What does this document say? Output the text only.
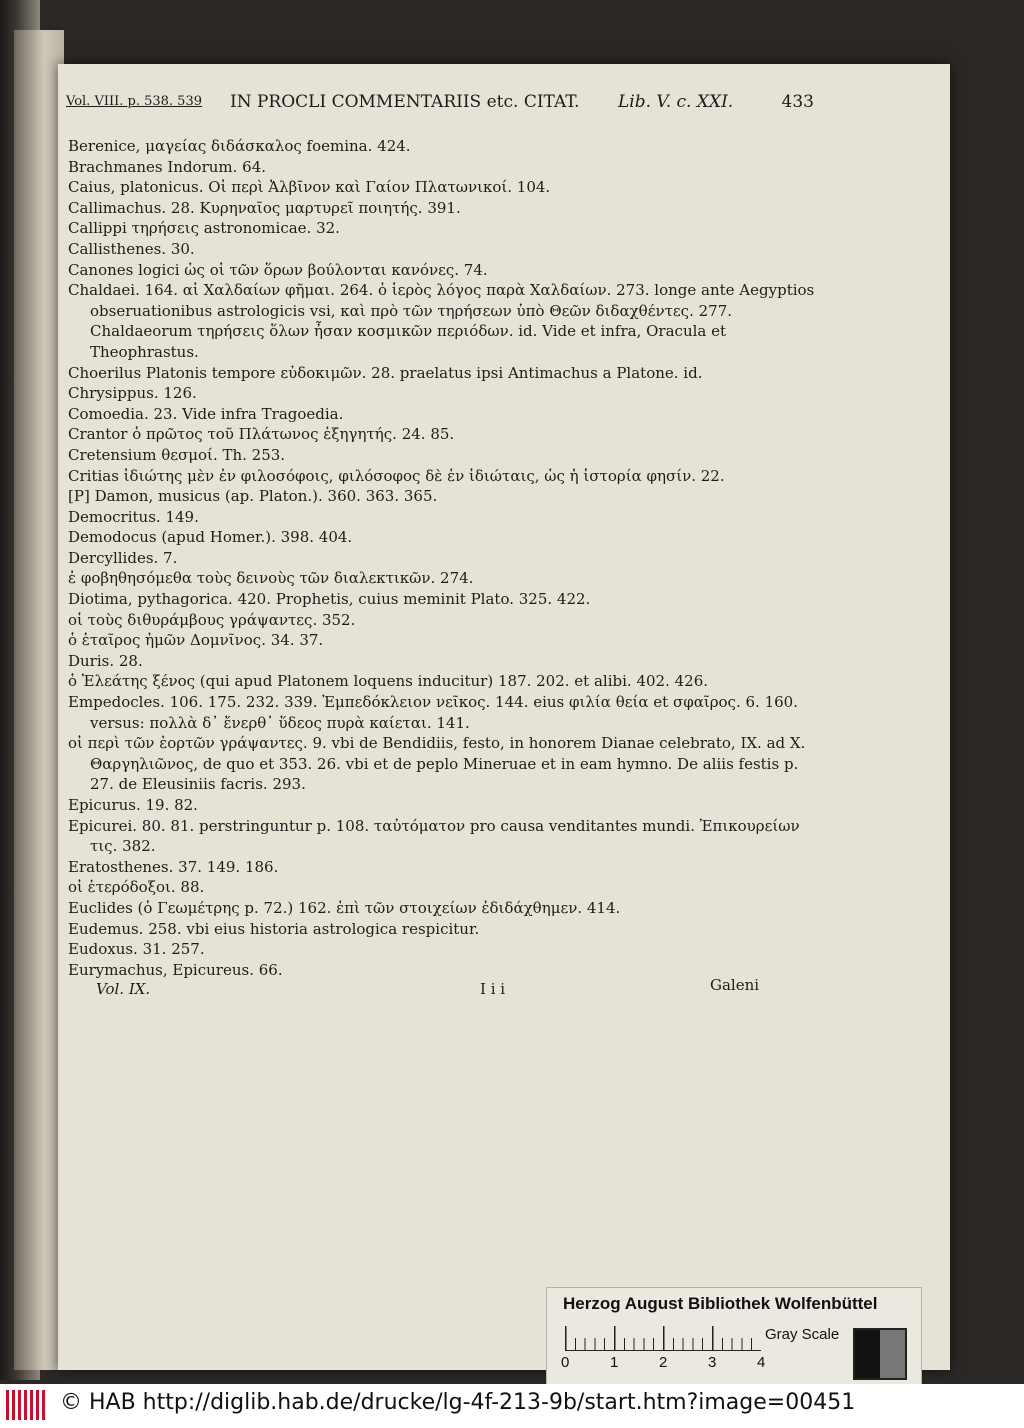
Vol. VIII. p. 538. 539 IN PROCLI COMMENTARIIS etc. CITAT. Lib. V. c. XXI.	433

Berenice, μαγείας διδάσκαλος foemina. 424.

Brachmanes Indorum. 64.

Caius, platonicus. Οἱ περὶ Ἀλβῖνον καὶ Γαίον Πλατωνικοί. 104.

Callimachus. 28. Κυρηναῖος μαρτυρεῖ ποιητής. 391.

Callippi τηρήσεις astronomicae. 32.

Callisthenes. 30.

Canones logici ὡς οἱ τῶν ὅρων βούλονται κανόνες. 74.

Chaldaei. 164. αἱ Χαλδαίων φῆμαι. 264. ὁ ἱερὸς λόγος παρὰ Χαλδαίων. 273. longe ante Aegyptios obseruationibus astrologicis vsi, καὶ πρὸ τῶν τηρήσεων ὑπὸ Θεῶν διδαχθέντες. 277. Chaldaeorum τηρήσεις ὅλων ἦσαν κοσμικῶν περιόδων. id. Vide et infra, Oracula et Theophrastus.

Choerilus Platonis tempore εὐδοκιμῶν. 28. praelatus ipsi Antimachus a Platone. id.

Chrysippus. 126.

Comoedia. 23. Vide infra Tragoedia.

Crantor ὁ πρῶτος τοῦ Πλάτωνος ἐξηγητής. 24. 85.

Cretensium θεσμοί. Th. 253.

Critias ἰδιώτης μὲν ἐν φιλοσόφοις, φιλόσοφος δὲ ἐν ἰδιώταις, ὡς ἡ ἱστορία φησίν. 22.

[P] Damon, musicus (ap. Platon.). 360. 363. 365.

Democritus. 149.

Demodocus (apud Homer.). 398. 404.

Dercyllides. 7.

ἐ φοβηθησόμεθα τοὺς δεινοὺς τῶν διαλεκτικῶν. 274.

Diotima, pythagorica. 420. Prophetis, cuius meminit Plato. 325. 422.

οἱ τοὺς διθυράμβους γράψαντες. 352.

ὁ ἑταῖρος ἡμῶν Δομνῖνος. 34. 37.

Duris. 28.

ὁ Ἐλεάτης ξένος (qui apud Platonem loquens inducitur) 187. 202. et alibi. 402. 426.

Empedocles. 106. 175. 232. 339. Ἐμπεδόκλειον νεῖκος. 144. eius φιλία θεία et σφαῖρος. 6. 160. versus: πολλὰ δ᾽ ἔνερθ᾽ ὕδεος πυρὰ καίεται. 141.

οἱ περὶ τῶν ἑορτῶν γράψαντες. 9. vbi de Bendidiis, festo, in honorem Dianae celebrato, IX. ad X. Θαργηλιῶνος, de quo et 353. 26. vbi et de peplo Mineruae et in eam hymno. De aliis festis p. 27. de Eleusiniis facris. 293.

Epicurus. 19. 82.

Epicurei. 80. 81. perstringuntur p. 108. ταὐτόματον pro causa venditantes mundi. Ἐπικουρείων τις. 382.

Eratosthenes. 37. 149. 186.

οἱ ἑτερόδοξοι. 88.

Euclides (ὁ Γεωμέτρης p. 72.) 162. ἐπὶ τῶν στοιχείων ἐδιδάχθημεν. 414.

Eudemus. 258. vbi eius historia astrologica respicitur.

Eudoxus. 31. 257.

Eurymachus, Epicureus. 66.

Vol. IX.	I i i	Galeni
Herzog August Bibliothek Wolfenbüttel
0	1	2	3	4
Gray Scale
© HAB http://diglib.hab.de/drucke/lg-4f-213-9b/start.htm?image=00451
